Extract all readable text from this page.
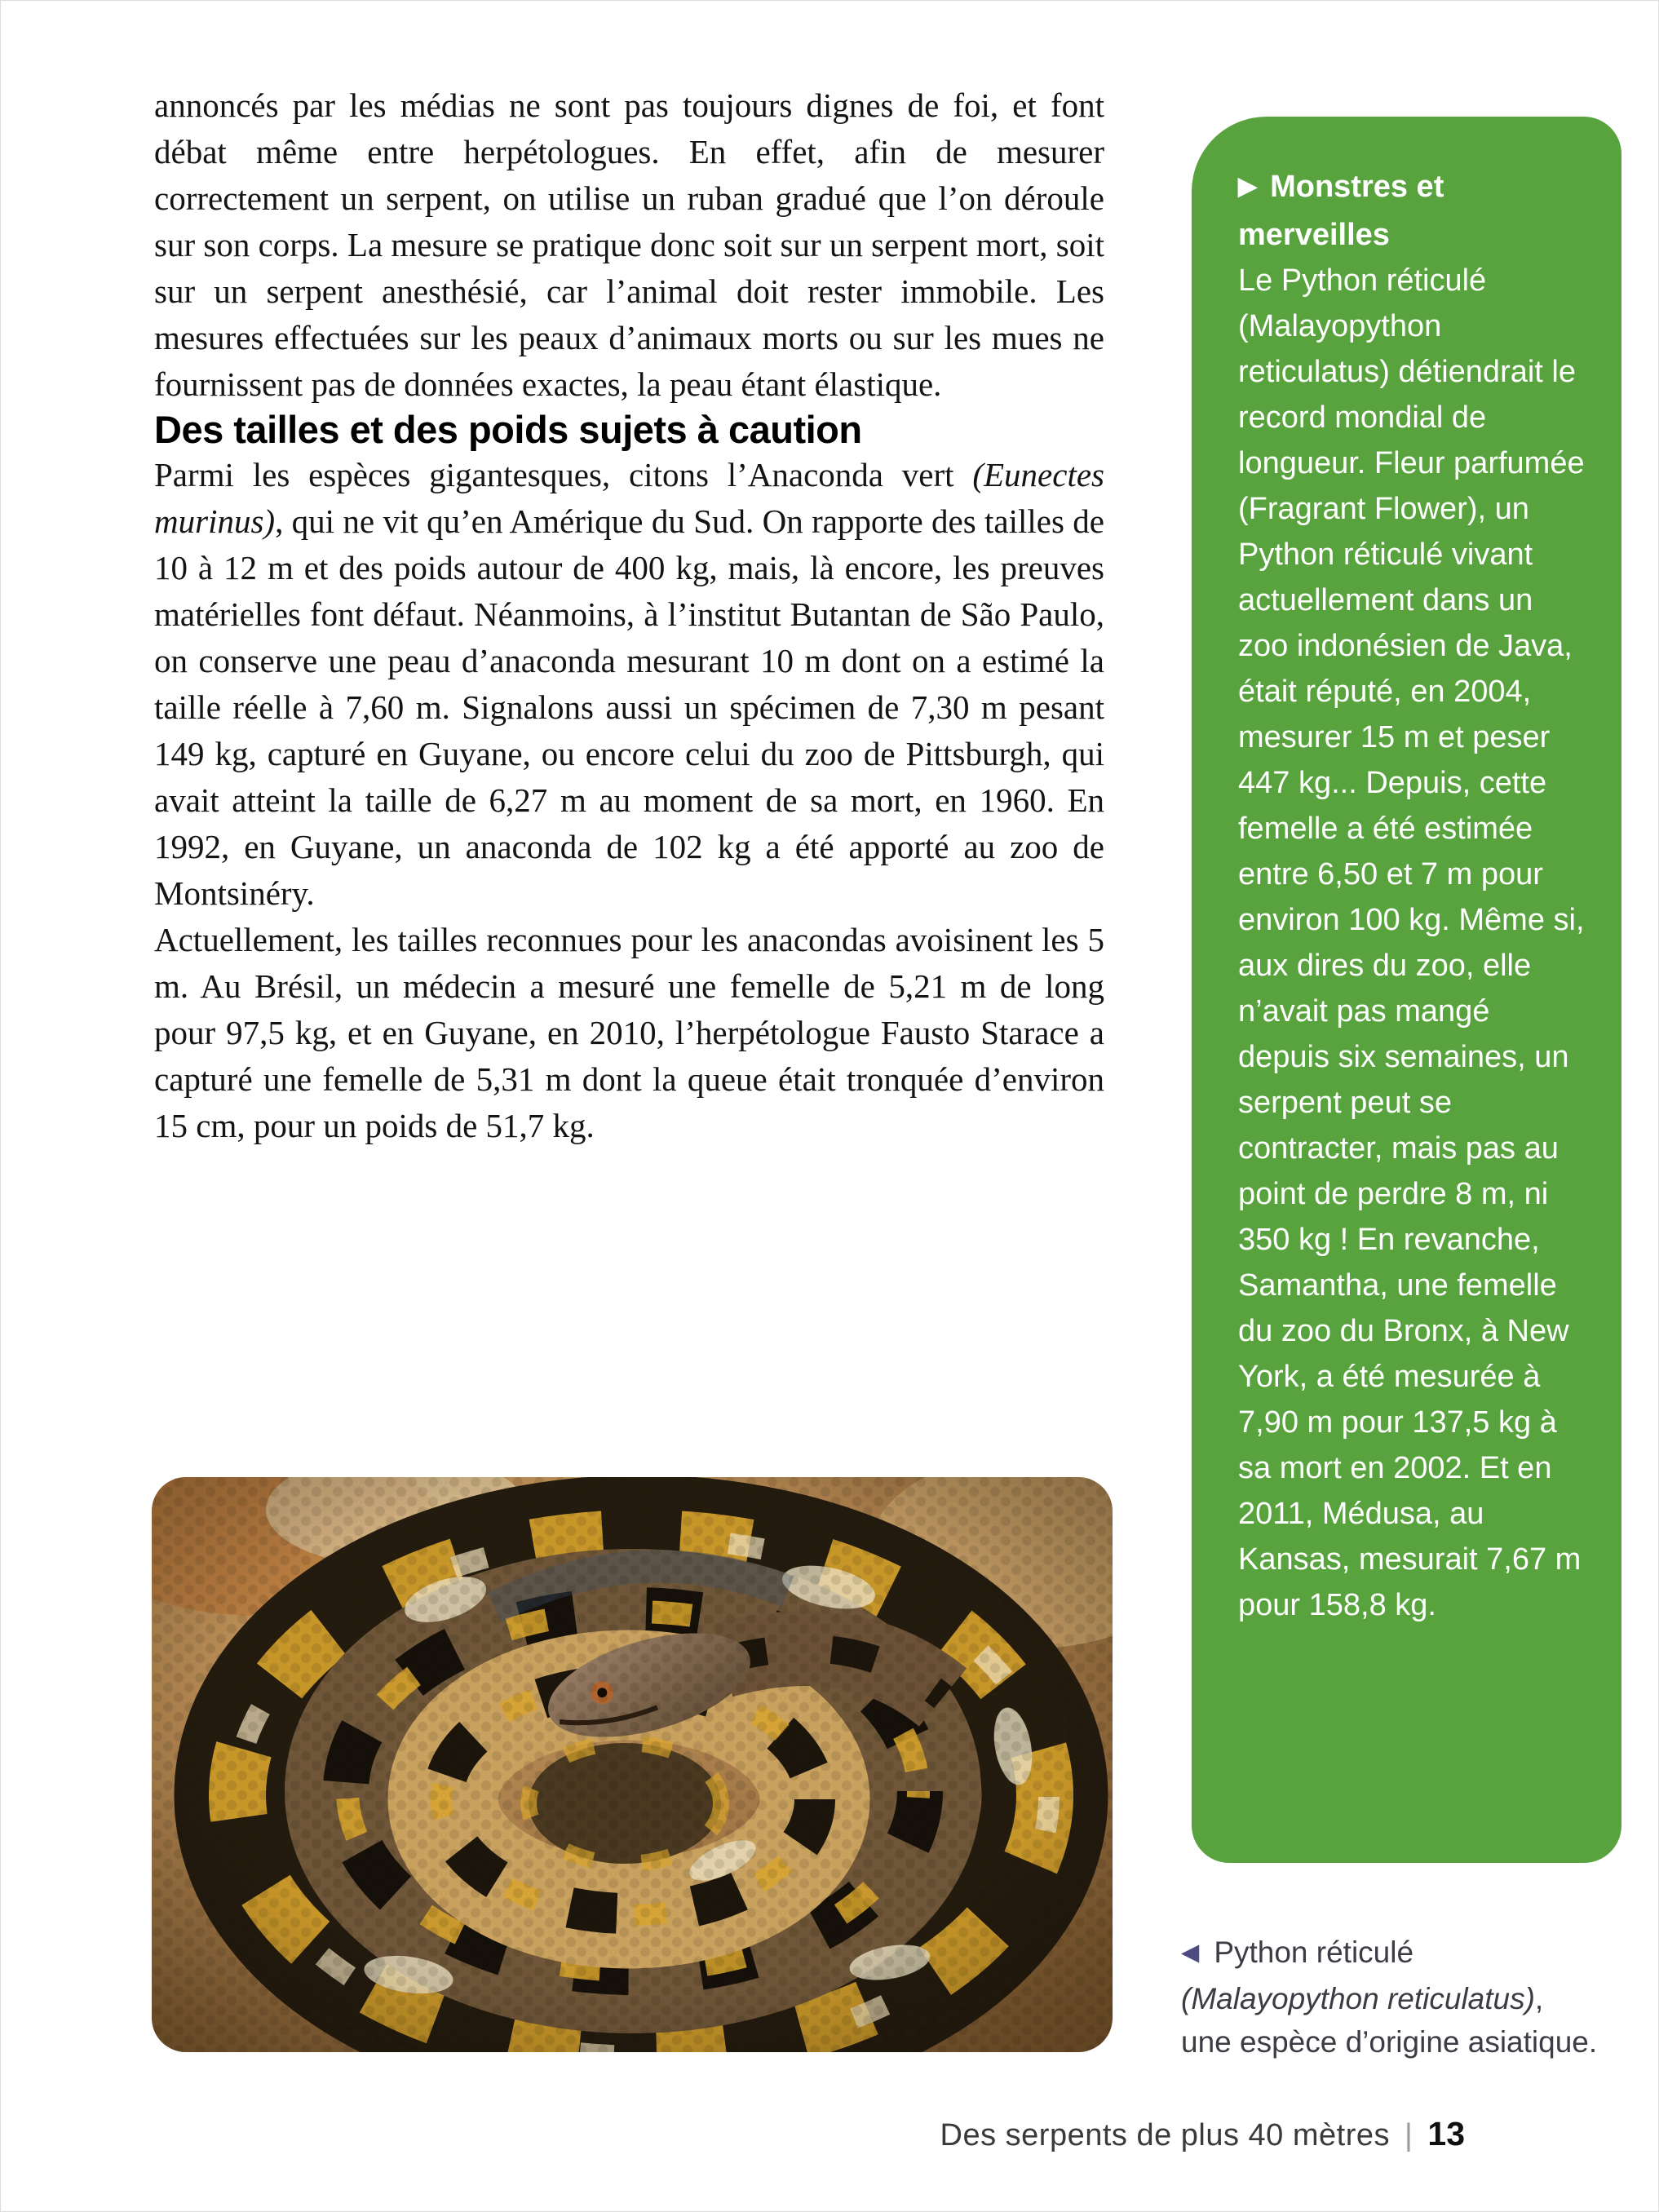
annoncés par les médias ne sont pas toujours dignes de foi, et font débat même entre herpétologues. En effet, afin de mesurer correctement un serpent, on utilise un ruban gradué que l’on déroule sur son corps. La mesure se pratique donc soit sur un serpent mort, soit sur un serpent anesthésié, car l’animal doit rester immobile. Les mesures effectuées sur les peaux d’animaux morts ou sur les mues ne fournissent pas de données exactes, la peau étant élastique.

Des tailles et des poids sujets à caution

Parmi les espèces gigantesques, citons l’Anaconda vert (Eunectes murinus), qui ne vit qu’en Amérique du Sud. On rapporte des tailles de 10 à 12 m et des poids autour de 400 kg, mais, là encore, les preuves matérielles font défaut. Néanmoins, à l’institut Butantan de São Paulo, on conserve une peau d’anaconda mesurant 10 m dont on a estimé la taille réelle à 7,60 m. Signalons aussi un spécimen de 7,30 m pesant 149 kg, capturé en Guyane, ou encore celui du zoo de Pittsburgh, qui avait atteint la taille de 6,27 m au moment de sa mort, en 1960. En 1992, en Guyane, un anaconda de 102 kg a été apporté au zoo de Montsinéry.

Actuellement, les tailles reconnues pour les anacondas avoisinent les 5 m. Au Brésil, un médecin a mesuré une femelle de 5,21 m de long pour 97,5 kg, et en Guyane, en 2010, l’herpétologue Fausto Starace a capturé une femelle de 5,31 m dont la queue était tronquée d’environ 15 cm, pour un poids de 51,7 kg.

▶ Monstres et merveilles

Le Python réticulé (Malayopython reticulatus) détiendrait le record mondial de longueur. Fleur parfumée (Fragrant Flower), un Python réticulé vivant actuellement dans un zoo indonésien de Java, était réputé, en 2004, mesurer 15 m et peser 447 kg... Depuis, cette femelle a été estimée entre 6,50 et 7 m pour environ 100 kg. Même si, aux dires du zoo, elle n’avait pas mangé depuis six semaines, un serpent peut se contracter, mais pas au point de perdre 8 m, ni 350 kg ! En revanche, Samantha, une femelle du zoo du Bronx, à New York, a été mesurée à 7,90 m pour 137,5 kg à sa mort en 2002. Et en 2011, Médusa, au Kansas, mesurait 7,67 m pour 158,8 kg.

◀ Python réticulé
(Malayopython reticulatus),
une espèce d’origine asiatique.
Des serpents de plus 40 mètres | 13
